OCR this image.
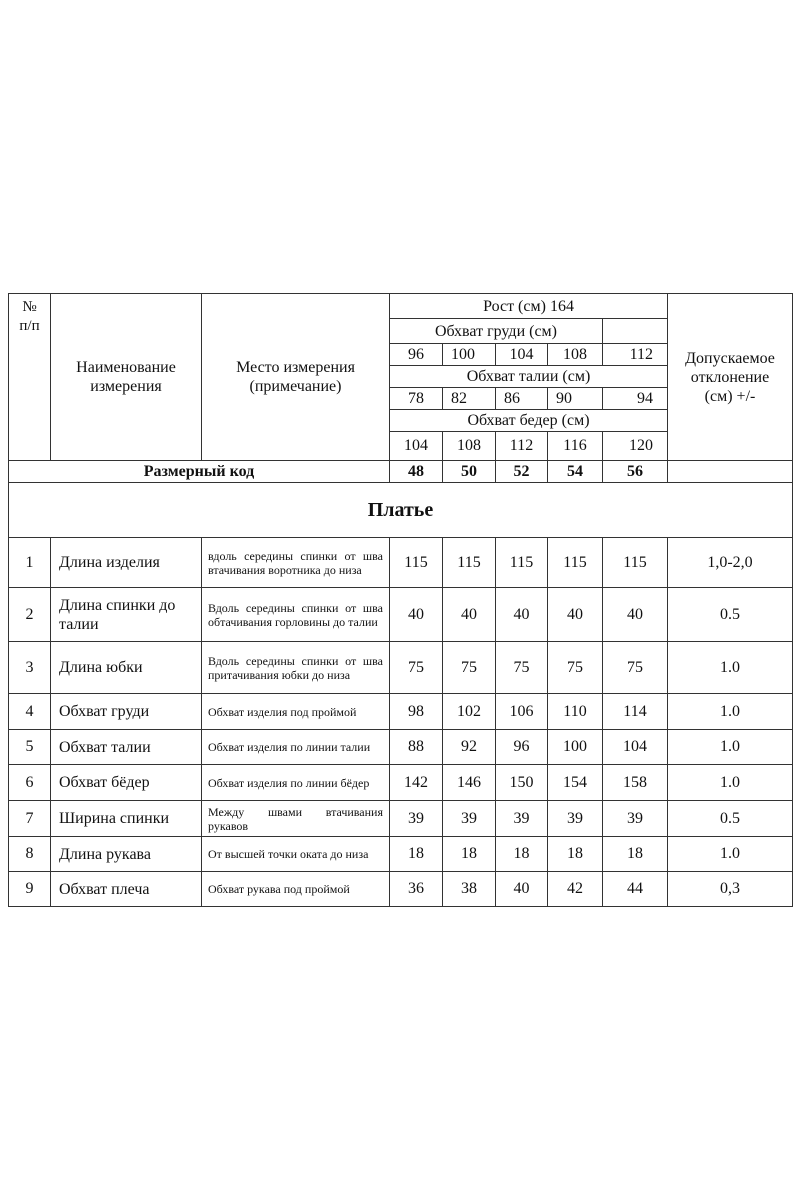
№
п/п	Наименование измерения	Место измерения (примечание)	Рост (см) 164					Допускаемое отклонение (см) +/-
			Обхват груди (см)					
			96	100	104	108	112	
			Обхват талии (см)					
			78	82	86	90	94	
			Обхват бедер (см)					
			104	108	112	116	120	
Размерный код			48	50	52	54	56	
Платье								
1	Длина изделия	вдоль середины спинки от шва втачивания воротника до низа	115	115	115	115	115	1,0-2,0
2	Длина спинки до талии	Вдоль середины спинки от шва обтачивания горловины до талии	40	40	40	40	40	0.5
3	Длина юбки	Вдоль середины спинки от шва притачивания юбки до низа	75	75	75	75	75	1.0
4	Обхват груди	Обхват изделия под проймой	98	102	106	110	114	1.0
5	Обхват талии	Обхват изделия по линии талии	88	92	96	100	104	1.0
6	Обхват бёдер	Обхват изделия по линии бёдер	142	146	150	154	158	1.0
7	Ширина спинки	Между швами втачивания рукавов	39	39	39	39	39	0.5
8	Длина рукава	От высшей точки оката до низа	18	18	18	18	18	1.0
9	Обхват плеча	Обхват рукава под проймой	36	38	40	42	44	0,3
